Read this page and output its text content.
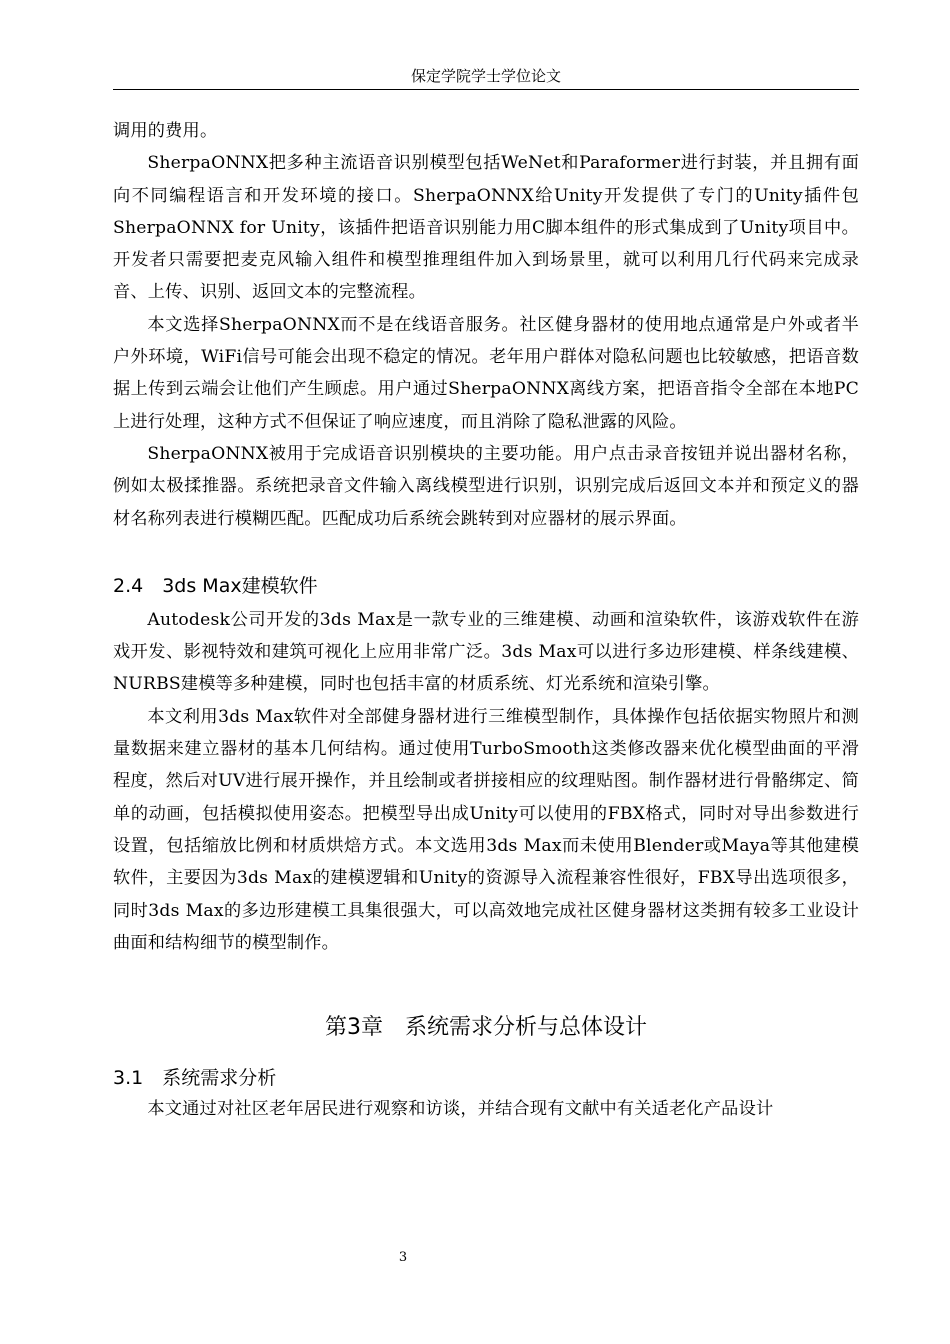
保定学院学士学位论文

调用的费用。

SherpaONNX把多种主流语音识别模型包括WeNet和Paraformer进行封装，并且拥有面向不同编程语言和开发环境的接口。SherpaONNX给Unity开发提供了专门的Unity插件包SherpaONNX for Unity，该插件把语音识别能力用C脚本组件的形式集成到了Unity项目中。开发者只需要把麦克风输入组件和模型推理组件加入到场景里，就可以利用几行代码来完成录音、上传、识别、返回文本的完整流程。

本文选择SherpaONNX而不是在线语音服务。社区健身器材的使用地点通常是户外或者半户外环境，WiFi信号可能会出现不稳定的情况。老年用户群体对隐私问题也比较敏感，把语音数据上传到云端会让他们产生顾虑。用户通过SherpaONNX离线方案，把语音指令全部在本地PC上进行处理，这种方式不但保证了响应速度，而且消除了隐私泄露的风险。

SherpaONNX被用于完成语音识别模块的主要功能。用户点击录音按钮并说出器材名称，例如太极揉推器。系统把录音文件输入离线模型进行识别，识别完成后返回文本并和预定义的器材名称列表进行模糊匹配。匹配成功后系统会跳转到对应器材的展示界面。

2.4　3ds Max建模软件

Autodesk公司开发的3ds Max是一款专业的三维建模、动画和渲染软件，该游戏软件在游戏开发、影视特效和建筑可视化上应用非常广泛。3ds Max可以进行多边形建模、样条线建模、NURBS建模等多种建模，同时也包括丰富的材质系统、灯光系统和渲染引擎。

本文利用3ds Max软件对全部健身器材进行三维模型制作，具体操作包括依据实物照片和测量数据来建立器材的基本几何结构。通过使用TurboSmooth这类修改器来优化模型曲面的平滑程度，然后对UV进行展开操作，并且绘制或者拼接相应的纹理贴图。制作器材进行骨骼绑定、简单的动画，包括模拟使用姿态。把模型导出成Unity可以使用的FBX格式，同时对导出参数进行设置，包括缩放比例和材质烘焙方式。本文选用3ds Max而未使用Blender或Maya等其他建模软件，主要因为3ds Max的建模逻辑和Unity的资源导入流程兼容性很好，FBX导出选项很多，同时3ds Max的多边形建模工具集很强大，可以高效地完成社区健身器材这类拥有较多工业设计曲面和结构细节的模型制作。

第3章　系统需求分析与总体设计
3.1　系统需求分析

本文通过对社区老年居民进行观察和访谈，并结合现有文献中有关适老化产品设计

3
